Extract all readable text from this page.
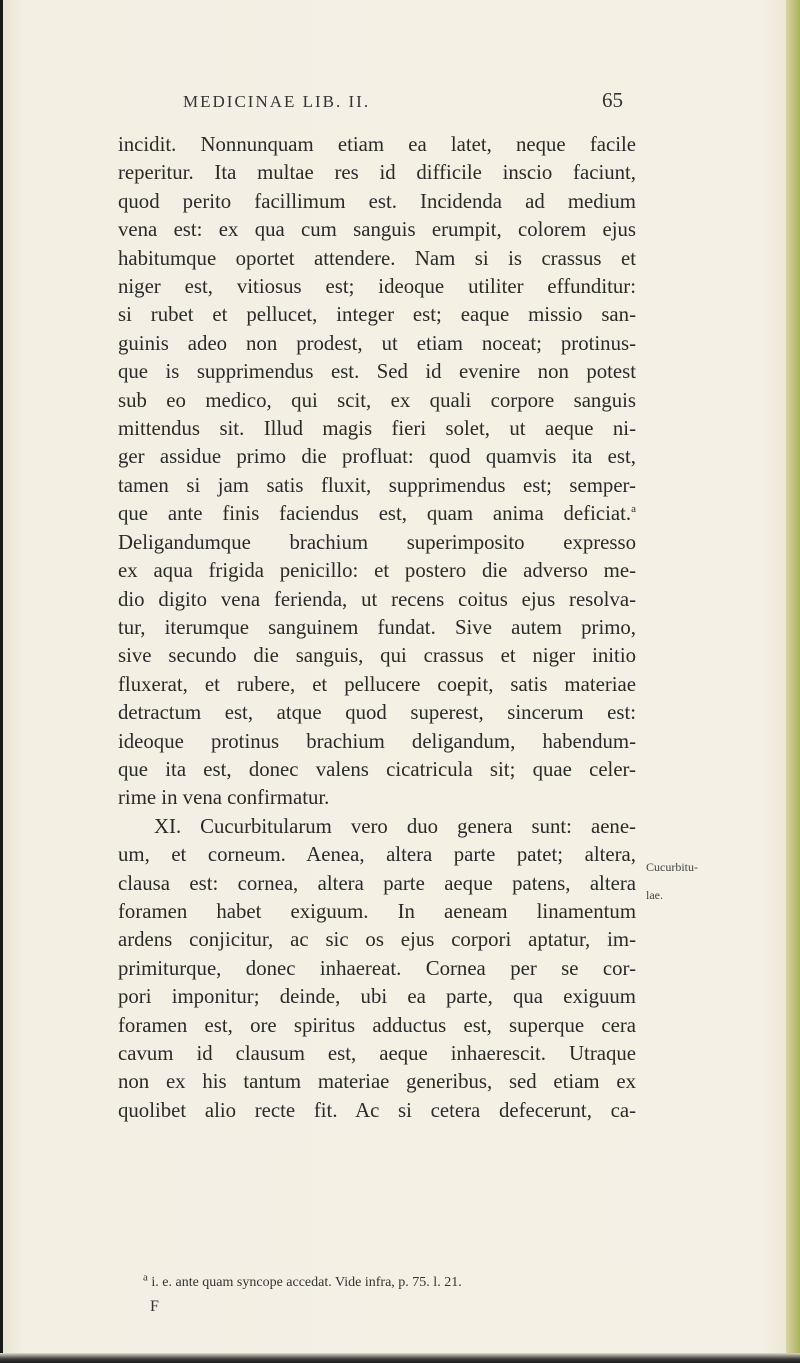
MEDICINAE LIB. II.	65
incidit. Nonnunquam etiam ea latet, neque facile
reperitur. Ita multae res id difficile inscio faciunt,
quod perito facillimum est. Incidenda ad medium
vena est: ex qua cum sanguis erumpit, colorem ejus
habitumque oportet attendere. Nam si is crassus et
niger est, vitiosus est; ideoque utiliter effunditur:
si rubet et pellucet, integer est; eaque missio san-
guinis adeo non prodest, ut etiam noceat; protinus-
que is supprimendus est. Sed id evenire non potest
sub eo medico, qui scit, ex quali corpore sanguis
mittendus sit. Illud magis fieri solet, ut aeque ni-
ger assidue primo die profluat: quod quamvis ita est,
tamen si jam satis fluxit, supprimendus est; semper-
que ante finis faciendus est, quam anima deficiat.$^a$
Deligandumque brachium superimposito expresso
ex aqua frigida penicillo: et postero die adverso me-
dio digito vena ferienda, ut recens coitus ejus resolva-
tur, iterumque sanguinem fundat. Sive autem primo,
sive secundo die sanguis, qui crassus et niger initio
fluxerat, et rubere, et pellucere coepit, satis materiae
detractum est, atque quod superest, sincerum est:
ideoque protinus brachium deligandum, habendum-
que ita est, donec valens cicatricula sit; quae celer-
rime in vena confirmatur.
XI. Cucurbitularum vero duo genera sunt: aene-
um, et corneum. Aenea, altera parte patet; altera,
clausa est: cornea, altera parte aeque patens, altera
foramen habet exiguum. In aeneam linamentum
ardens conjicitur, ac sic os ejus corpori aptatur, im-
primiturque, donec inhaereat. Cornea per se cor-
pori imponitur; deinde, ubi ea parte, qua exiguum
foramen est, ore spiritus adductus est, superque cera
cavum id clausum est, aeque inhaerescit. Utraque
non ex his tantum materiae generibus, sed etiam ex
quolibet alio recte fit. Ac si cetera defecerunt, ca-
Cucurbitu-
lae.
$^a$ i. e. ante quam syncope accedat. Vide infra, p. 75. l. 21.
F
